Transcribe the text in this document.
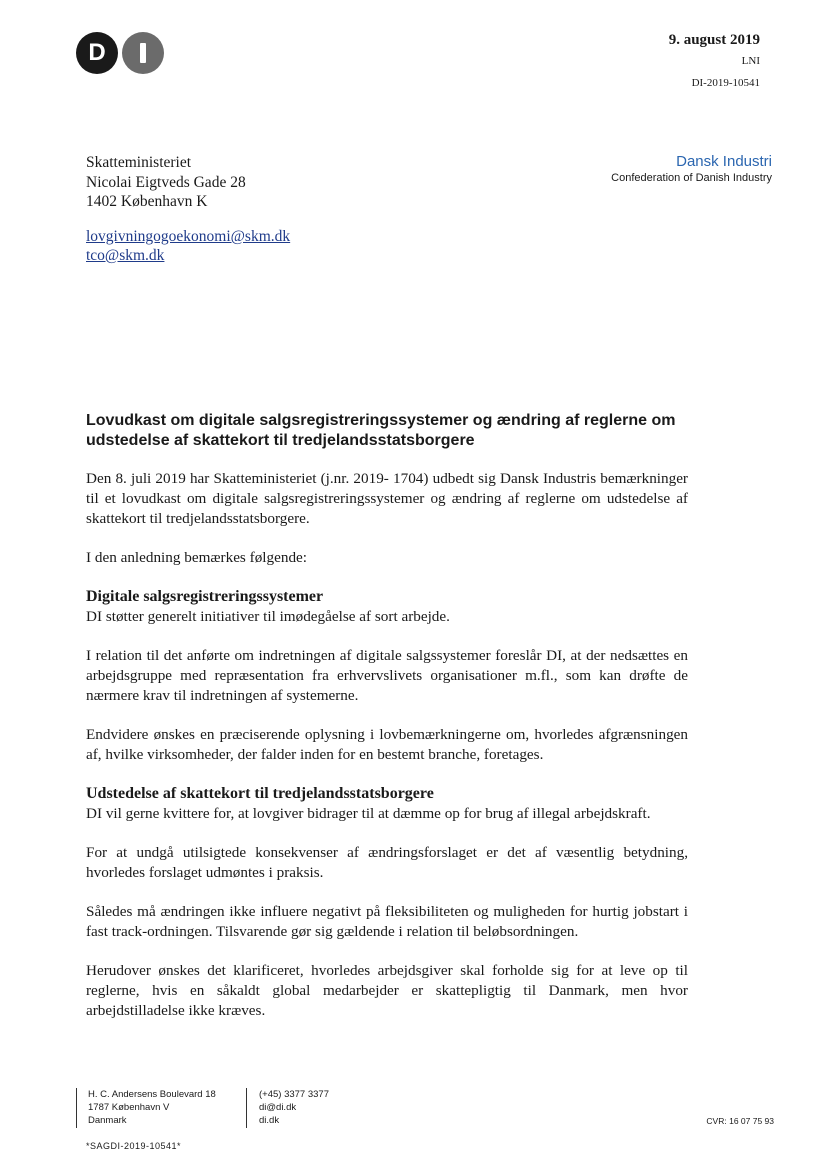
D	9. august 2019
LNI
DI-2019-10541
Skatteministeriet
Nicolai Eigtveds Gade 28
1402 København K
lovgivningogoekonomi@skm.dk
tco@skm.dk
Dansk Industri
Confederation of Danish Industry
Lovudkast om digitale salgsregistreringssystemer og ændring af reglerne om udstedelse af skattekort til tredjelandsstatsborgere

Den 8. juli 2019 har Skatteministeriet (j.nr. 2019- 1704) udbedt sig Dansk Industris bemærkninger til et lovudkast om digitale salgsregistreringssystemer og ændring af reglerne om udstedelse af skattekort til tredjelandsstatsborgere.

I den anledning bemærkes følgende:

Digitale salgsregistreringssystemer

DI støtter generelt initiativer til imødegåelse af sort arbejde.

I relation til det anførte om indretningen af digitale salgssystemer foreslår DI, at der nedsættes en arbejdsgruppe med repræsentation fra erhvervslivets organisationer m.fl., som kan drøfte de nærmere krav til indretningen af systemerne.

Endvidere ønskes en præciserende oplysning i lovbemærkningerne om, hvorledes afgrænsningen af, hvilke virksomheder, der falder inden for en bestemt branche, foretages.

Udstedelse af skattekort til tredjelandsstatsborgere

DI vil gerne kvittere for, at lovgiver bidrager til at dæmme op for brug af illegal arbejdskraft.

For at undgå utilsigtede konsekvenser af ændringsforslaget er det af væsentlig betydning, hvorledes forslaget udmøntes i praksis.

Således må ændringen ikke influere negativt på fleksibiliteten og muligheden for hurtig jobstart i fast track-ordningen. Tilsvarende gør sig gældende i relation til beløbsordningen.

Herudover ønskes det klarificeret, hvorledes arbejdsgiver skal forholde sig for at leve op til reglerne, hvis en såkaldt global medarbejder er skattepligtig til Danmark, men hvor arbejdstilladelse ikke kræves.

H. C. Andersens Boulevard 18
1787 København V
Danmark
(+45) 3377 3377
di@di.dk
di.dk	CVR: 16 07 75 93
*SAGDI-2019-10541*
